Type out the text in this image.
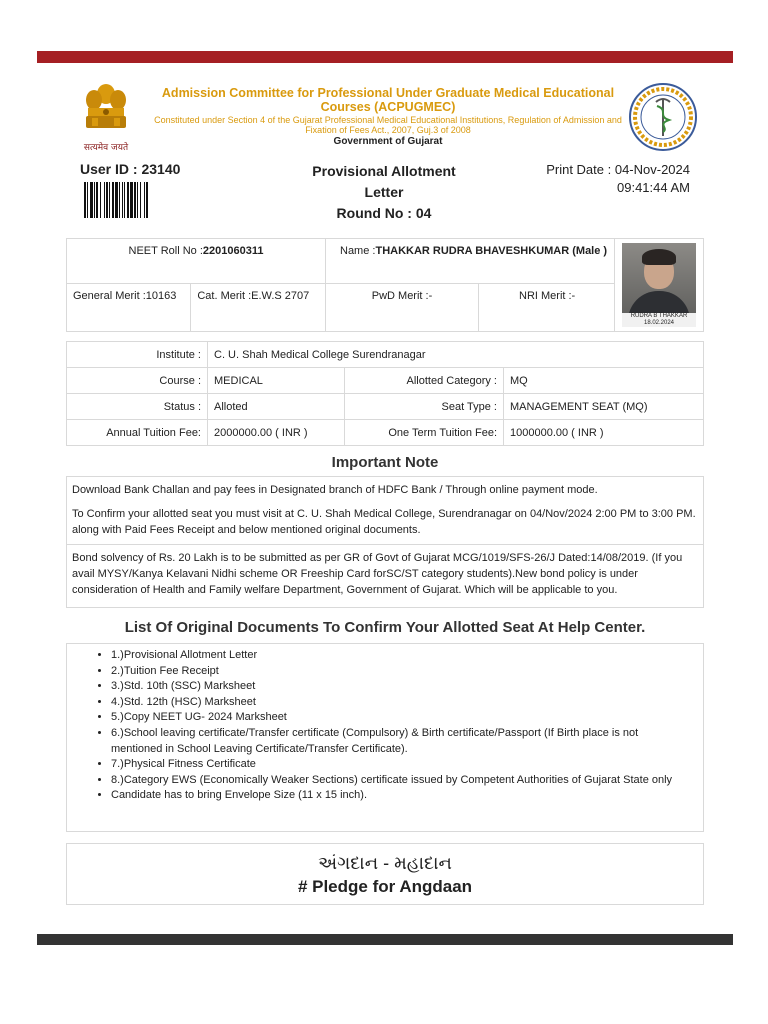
सत्यमेव जयते
Admission Committee for Professional Under Graduate Medical Educational Courses (ACPUGMEC)
Constituted under Section 4 of the Gujarat Professional Medical Educational Institutions, Regulation of Admission and Fixation of Fees Act., 2007, Guj.3 of 2008
Government of Gujarat
User ID : 23140	Provisional Allotment
Letter
Round No : 04
Print Date : 04-Nov-2024
09:41:44 AM
NEET Roll No :2201060311		Name :THAKKAR RUDRA BHAVESHKUMAR (Male )		RUDRA B THAKKAR
18.02.2024

General Merit :10163	Cat. Merit :E.W.S 2707	PwD Merit :-	NRI Merit :-	
Institute :	C. U. Shah Medical College Surendranagar		
Course :	MEDICAL	Allotted Category :	MQ
Status :	Alloted	Seat Type :	MANAGEMENT SEAT (MQ)
Annual Tuition Fee:	2000000.00 ( INR )	One Term Tuition Fee:	1000000.00 ( INR )
Important Note

Download Bank Challan and pay fees in Designated branch of HDFC Bank / Through online payment mode.

To Confirm your allotted seat you must visit at C. U. Shah Medical College, Surendranagar on 04/Nov/2024 2:00 PM to 3:00 PM. along with Paid Fees Receipt and below mentioned original documents.

Bond solvency of Rs. 20 Lakh is to be submitted as per GR of Govt of Gujarat MCG/1019/SFS-26/J Dated:14/08/2019. (If you avail MYSY/Kanya Kelavani Nidhi scheme OR Freeship Card forSC/ST category students).New bond policy is under consideration of Health and Family welfare Department, Government of Gujarat. Which will be applicable to you.

List Of Original Documents To Confirm Your Allotted Seat At Help Center.
• 1.)Provisional Allotment Letter
• 2.)Tuition Fee Receipt
• 3.)Std. 10th (SSC) Marksheet
• 4.)Std. 12th (HSC) Marksheet
• 5.)Copy NEET UG- 2024 Marksheet
• 6.)School leaving certificate/Transfer certificate (Compulsory) & Birth certificate/Passport (If Birth place is not mentioned in School Leaving Certificate/Transfer Certificate).
• 7.)Physical Fitness Certificate
• 8.)Category EWS (Economically Weaker Sections) certificate issued by Competent Authorities of Gujarat State only
• Candidate has to bring Envelope Size (11 x 15 inch).
અંગદાન - મહાદાન
# Pledge for Angdaan
